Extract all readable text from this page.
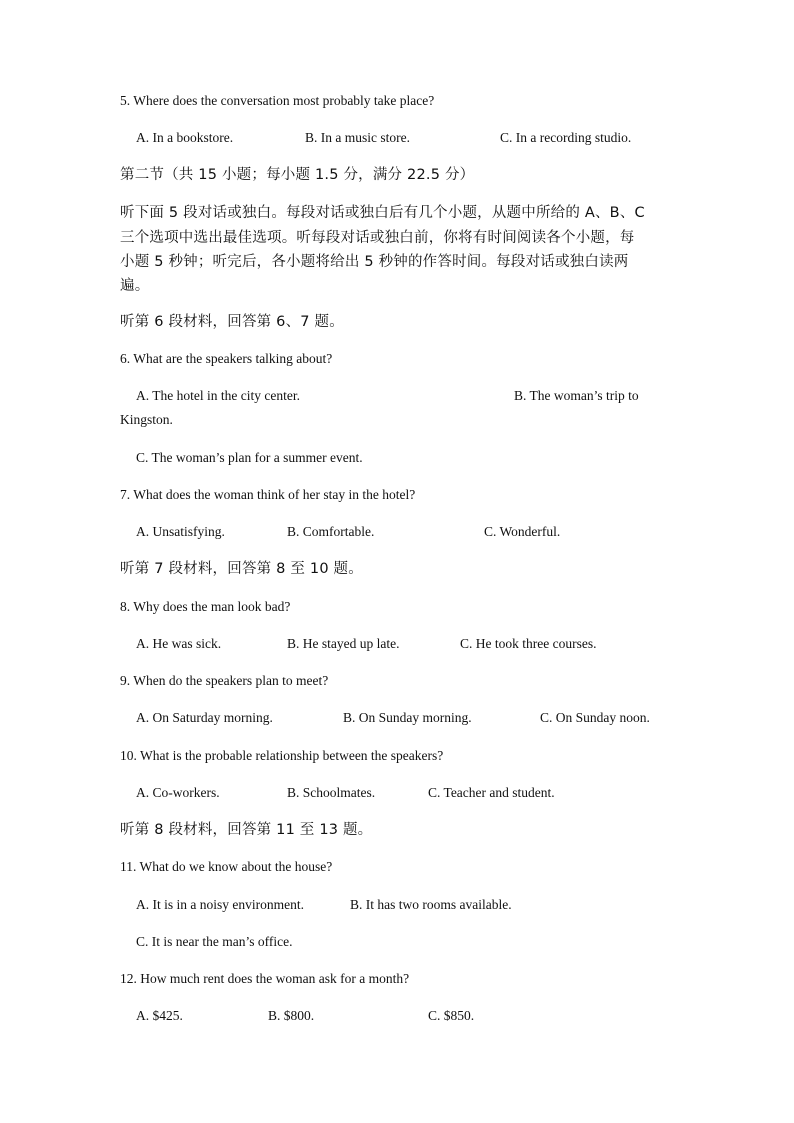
5. Where does the conversation most probably take place?
A. In a bookstore.	B. In a music store.	C. In a recording studio.
第二节（共 15 小题；每小题 1.5 分，满分 22.5 分）
听下面 5 段对话或独白。每段对话或独白后有几个小题，从题中所给的 A、B、C
三个选项中选出最佳选项。听每段对话或独白前，你将有时间阅读各个小题，每
小题 5 秒钟；听完后，各小题将给出 5 秒钟的作答时间。每段对话或独白读两
遍。
听第 6 段材料，回答第 6、7 题。
6. What are the speakers talking about?
A. The hotel in the city center.	B. The woman’s trip to
Kingston.
C. The woman’s plan for a summer event.
7. What does the woman think of her stay in the hotel?
A. Unsatisfying.	B. Comfortable.	C. Wonderful.
听第 7 段材料，回答第 8 至 10 题。
8. Why does the man look bad?
A. He was sick.	B. He stayed up late.	C. He took three courses.
9. When do the speakers plan to meet?
A. On Saturday morning.	B. On Sunday morning.	C. On Sunday noon.
10. What is the probable relationship between the speakers?
A. Co-workers.	B. Schoolmates.	C. Teacher and student.
听第 8 段材料，回答第 11 至 13 题。
11. What do we know about the house?
A. It is in a noisy environment.	B. It has two rooms available.
C. It is near the man’s office.
12. How much rent does the woman ask for a month?
A. $425.	B. $800.	C. $850.
